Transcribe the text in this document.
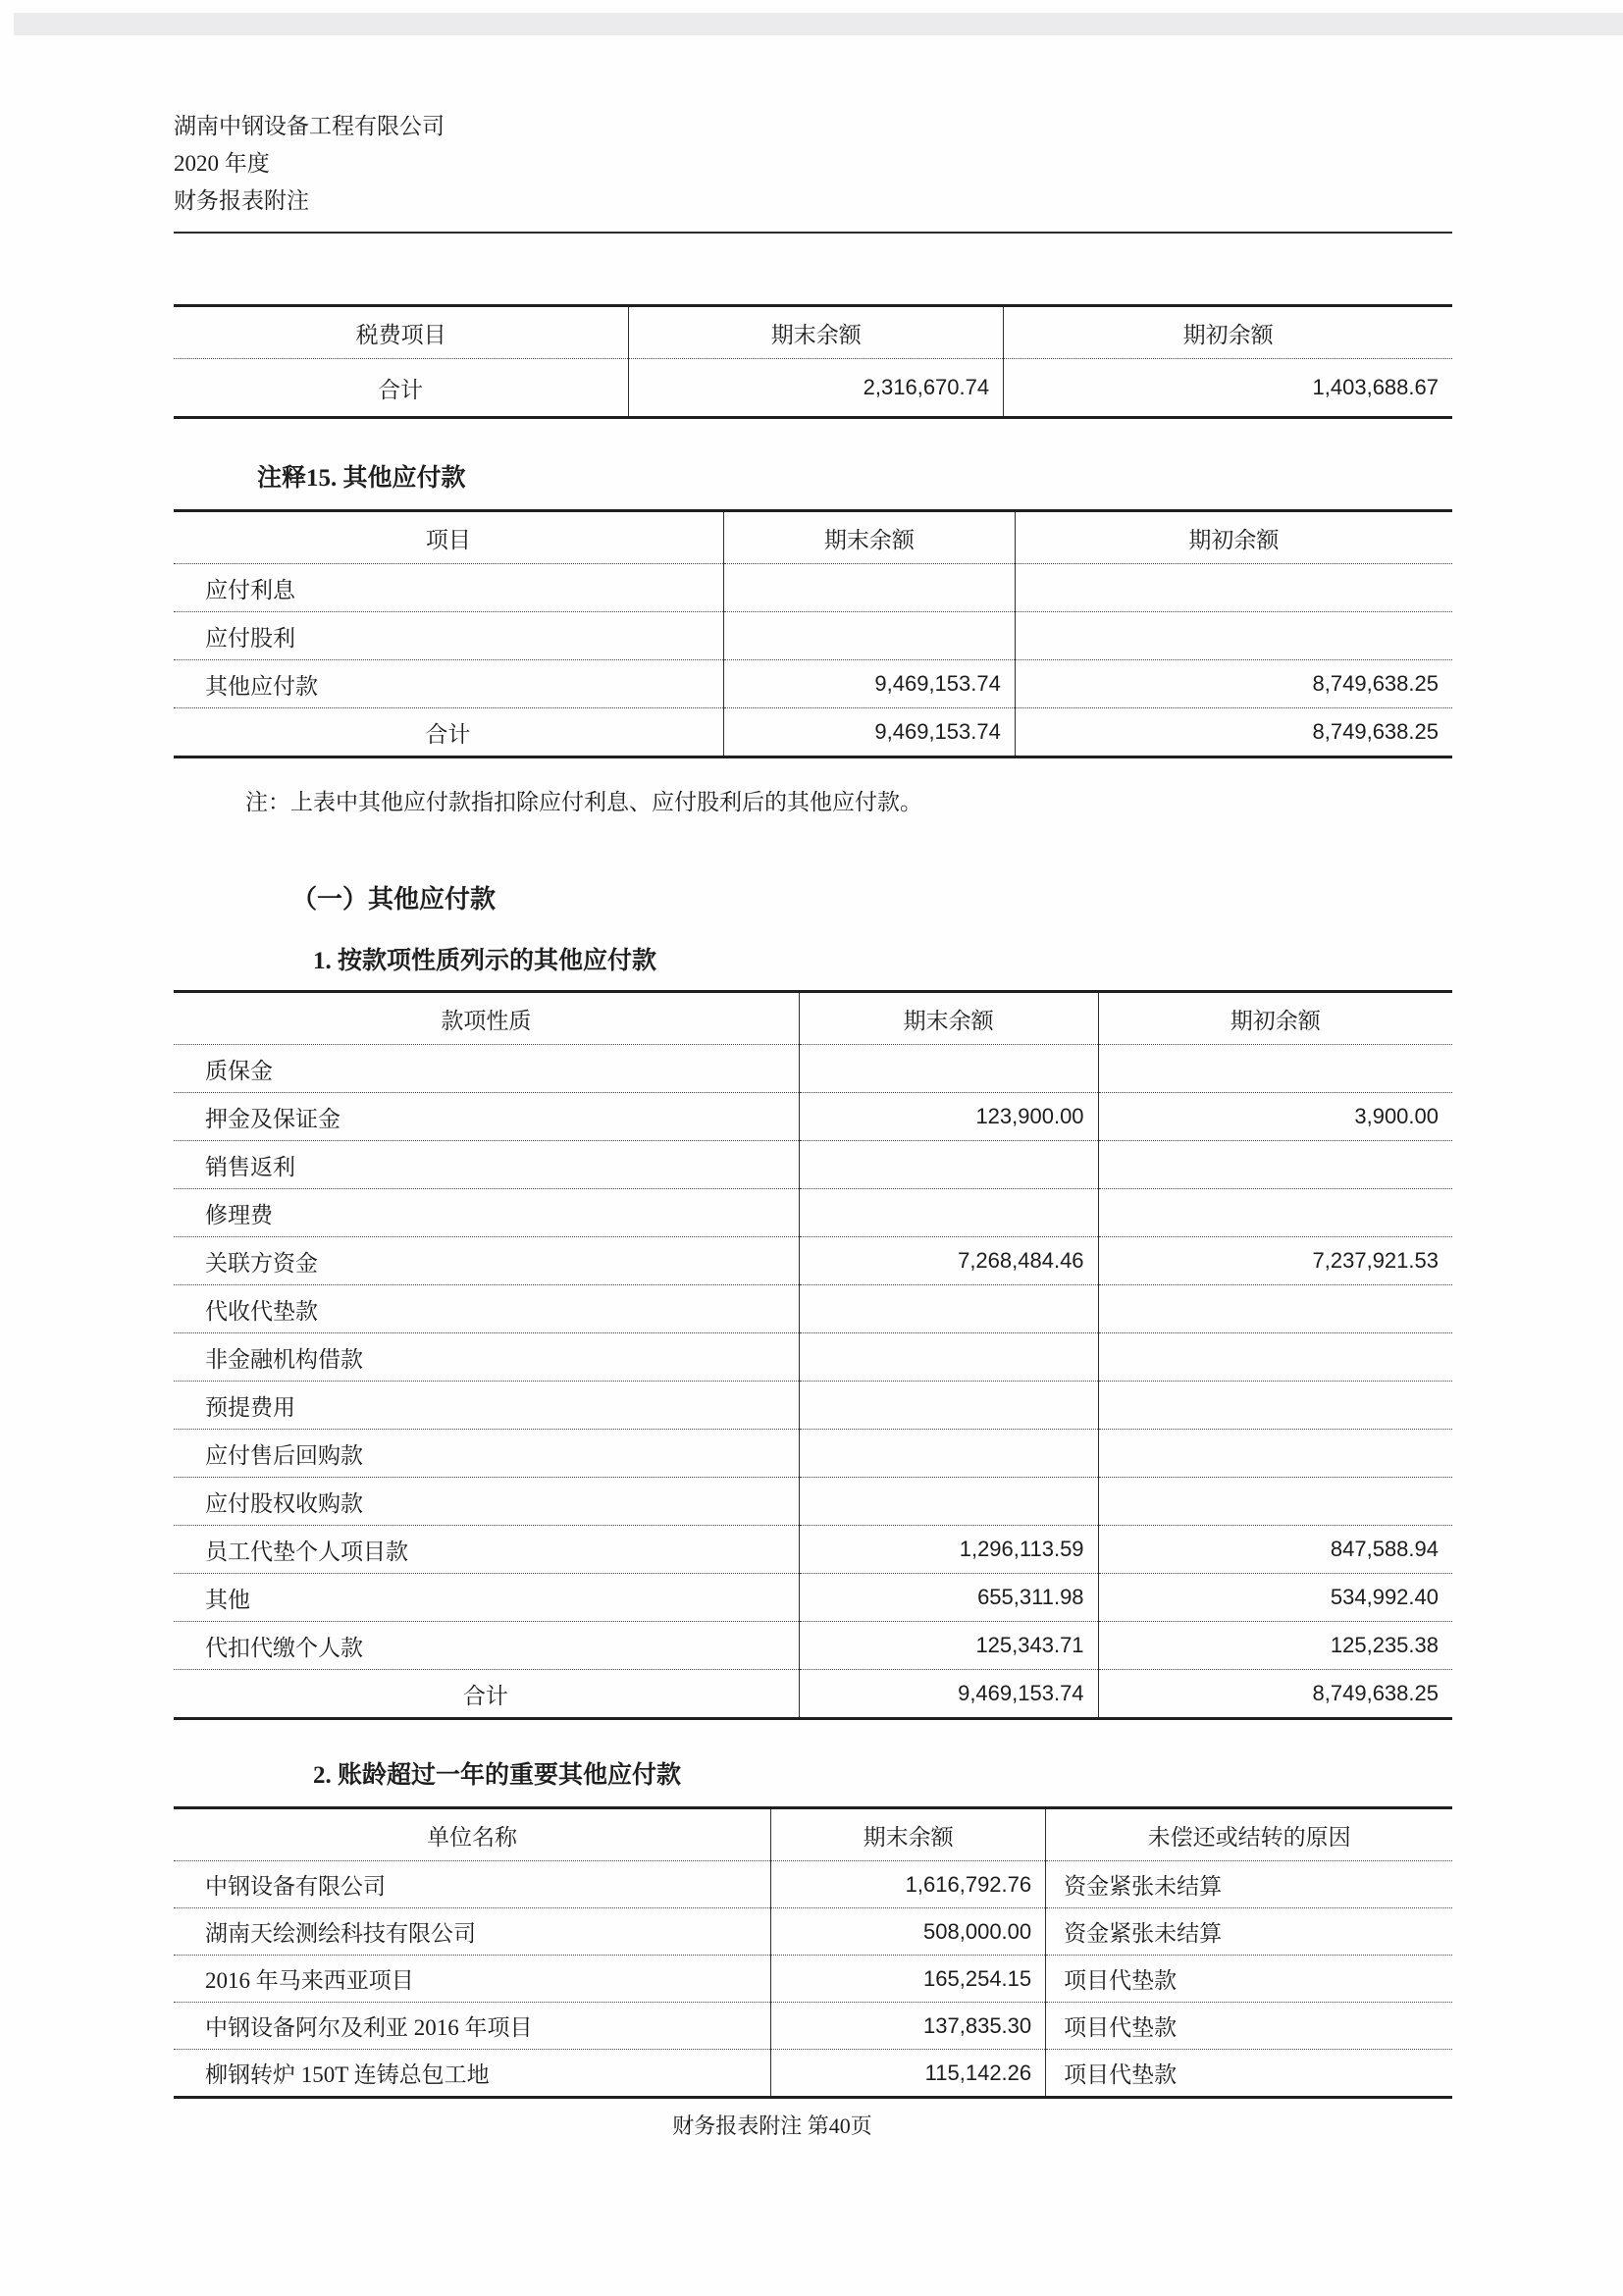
湖南中钢设备工程有限公司
2020 年度
财务报表附注
税费项目	期末余额	期初余额
合计	2,316,670.74	1,403,688.67
注释15. 其他应付款
项目	期末余额	期初余额
应付利息		
应付股利		
其他应付款	9,469,153.74	8,749,638.25
合计	9,469,153.74	8,749,638.25
注：上表中其他应付款指扣除应付利息、应付股利后的其他应付款。
（一）其他应付款
1. 按款项性质列示的其他应付款
款项性质	期末余额	期初余额
质保金		
押金及保证金	123,900.00	3,900.00
销售返利		
修理费		
关联方资金	7,268,484.46	7,237,921.53
代收代垫款		
非金融机构借款		
预提费用		
应付售后回购款		
应付股权收购款		
员工代垫个人项目款	1,296,113.59	847,588.94
其他	655,311.98	534,992.40
代扣代缴个人款	125,343.71	125,235.38
合计	9,469,153.74	8,749,638.25
2. 账龄超过一年的重要其他应付款
单位名称	期末余额	未偿还或结转的原因
中钢设备有限公司	1,616,792.76	资金紧张未结算
湖南天绘测绘科技有限公司	508,000.00	资金紧张未结算
2016 年马来西亚项目	165,254.15	项目代垫款
中钢设备阿尔及利亚 2016 年项目	137,835.30	项目代垫款
柳钢转炉 150T 连铸总包工地	115,142.26	项目代垫款
财务报表附注 第40页
